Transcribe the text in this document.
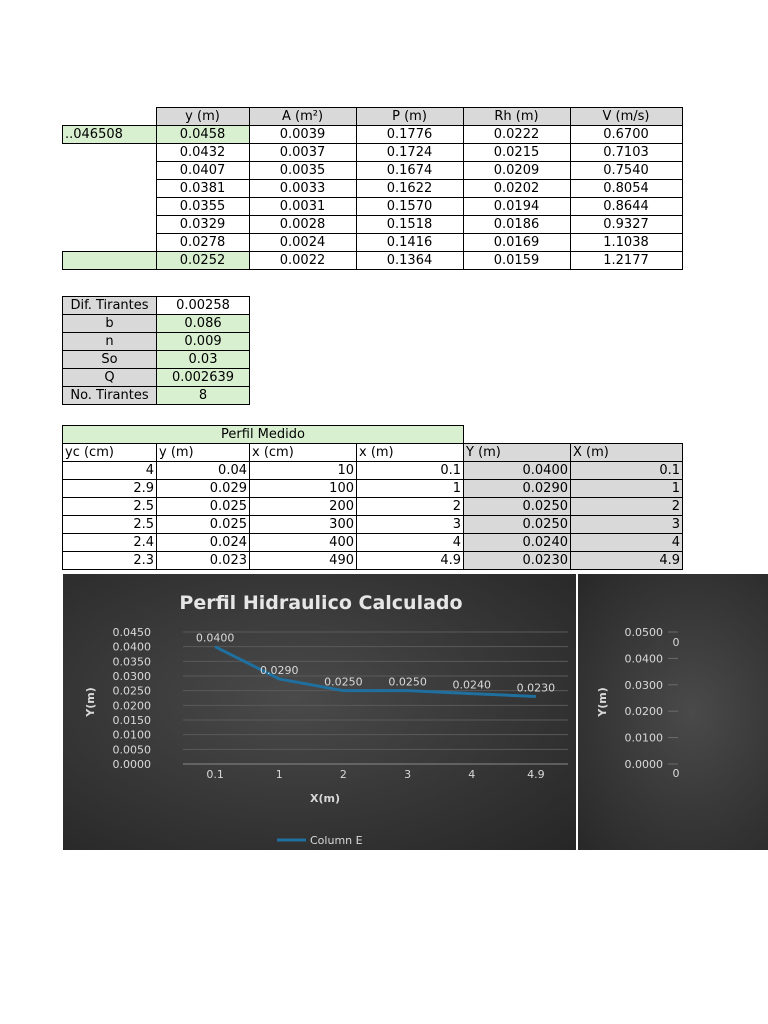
	y (m)	A (m²)	P (m)	Rh (m)	V (m/s)
..046508	0.0458	0.0039	0.1776	0.0222	0.6700
	0.0432	0.0037	0.1724	0.0215	0.7103
	0.0407	0.0035	0.1674	0.0209	0.7540
	0.0381	0.0033	0.1622	0.0202	0.8054
	0.0355	0.0031	0.1570	0.0194	0.8644
	0.0329	0.0028	0.1518	0.0186	0.9327
	0.0278	0.0024	0.1416	0.0169	1.1038
	0.0252	0.0022	0.1364	0.0159	1.2177
Dif. Tirantes	0.00258
b	0.086
n	0.009
So	0.03
Q	0.002639
No. Tirantes	8
Perfil Medido					
yc (cm)	y (m)	x (cm)	x (m)	Y (m)	X (m)
4	0.04	10	0.1	0.0400	0.1
2.9	0.029	100	1	0.0290	1
2.5	0.025	200	2	0.0250	2
2.5	0.025	300	3	0.0250	3
2.4	0.024	400	4	0.0240	4
2.3	0.023	490	4.9	0.0230	4.9
Perfil Hidraulico Calculado
Y(m)
X(m)
0.0000
0.0050
0.0100
0.0150
0.0200
0.0250
0.0300
0.0350
0.0400
0.0450
0.1	1	2	3	4	4.9
0.0400
0.0290
0.0250 0.0250 0.0240 0.0230
Column E
Y(m)
0.0000
0.0100
0.0200
0.0300
0.0400
0.0500
0
0
